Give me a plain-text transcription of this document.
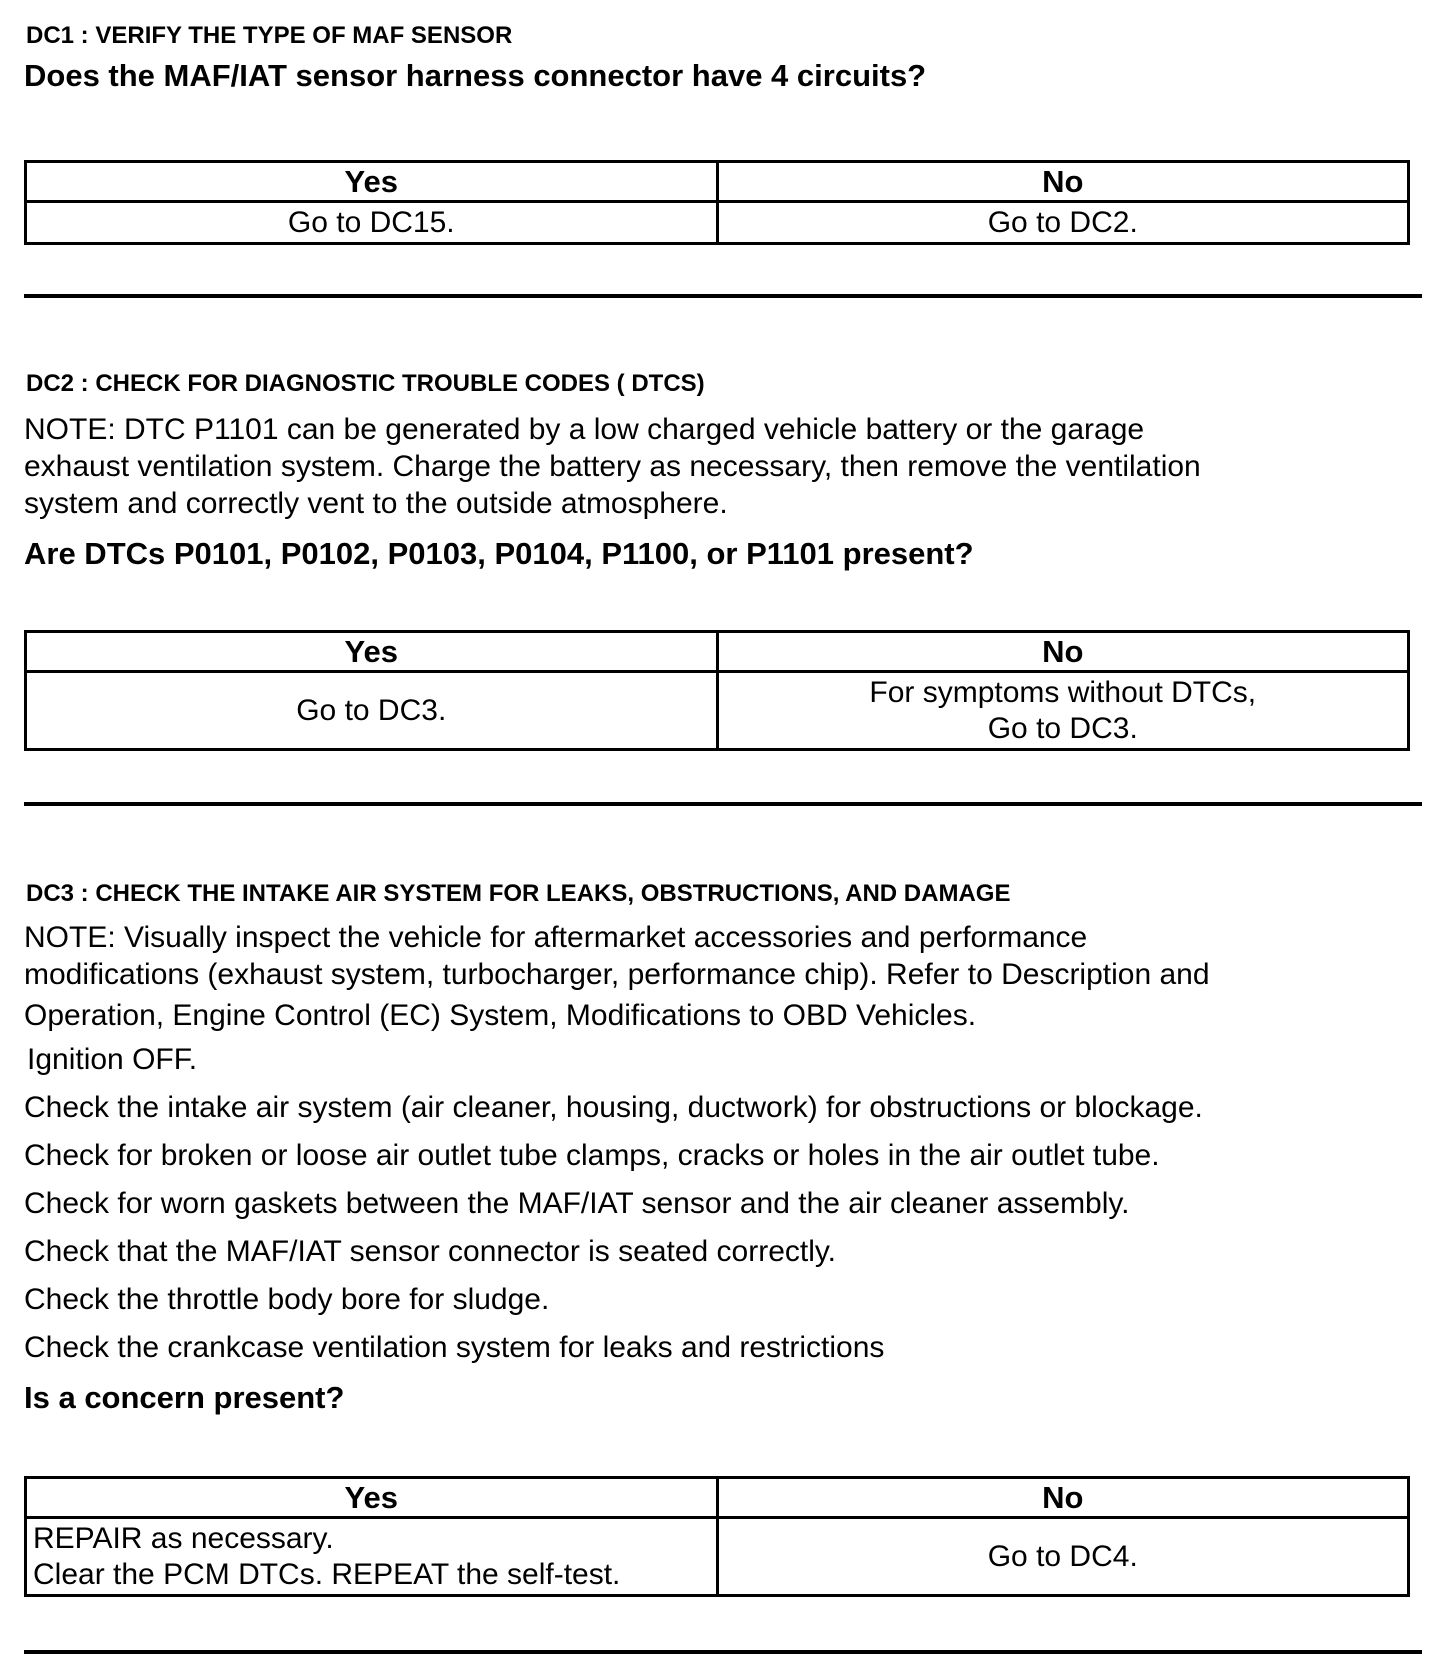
DC1 : VERIFY THE TYPE OF MAF SENSOR
Does the MAF/IAT sensor harness connector have 4 circuits?
Yes	No
Go to DC15.	Go to DC2.
DC2 : CHECK FOR DIAGNOSTIC TROUBLE CODES ( DTCS)
NOTE: DTC P1101 can be generated by a low charged vehicle battery or the garage
exhaust ventilation system. Charge the battery as necessary, then remove the ventilation
system and correctly vent to the outside atmosphere.
Are DTCs P0101, P0102, P0103, P0104, P1100, or P1101 present?
Yes	No
Go to DC3.	For symptoms without DTCs,
Go to DC3.
DC3 : CHECK THE INTAKE AIR SYSTEM FOR LEAKS, OBSTRUCTIONS, AND DAMAGE
NOTE: Visually inspect the vehicle for aftermarket accessories and performance
modifications (exhaust system, turbocharger, performance chip). Refer to Description and
Operation, Engine Control (EC) System, Modifications to OBD Vehicles.
Ignition OFF.
Check the intake air system (air cleaner, housing, ductwork) for obstructions or blockage.
Check for broken or loose air outlet tube clamps, cracks or holes in the air outlet tube.
Check for worn gaskets between the MAF/IAT sensor and the air cleaner assembly.
Check that the MAF/IAT sensor connector is seated correctly.
Check the throttle body bore for sludge.
Check the crankcase ventilation system for leaks and restrictions
Is a concern present?
Yes	No

REPAIR as necessary.
Clear the PCM DTCs. REPEAT the self-test.	Go to DC4.
